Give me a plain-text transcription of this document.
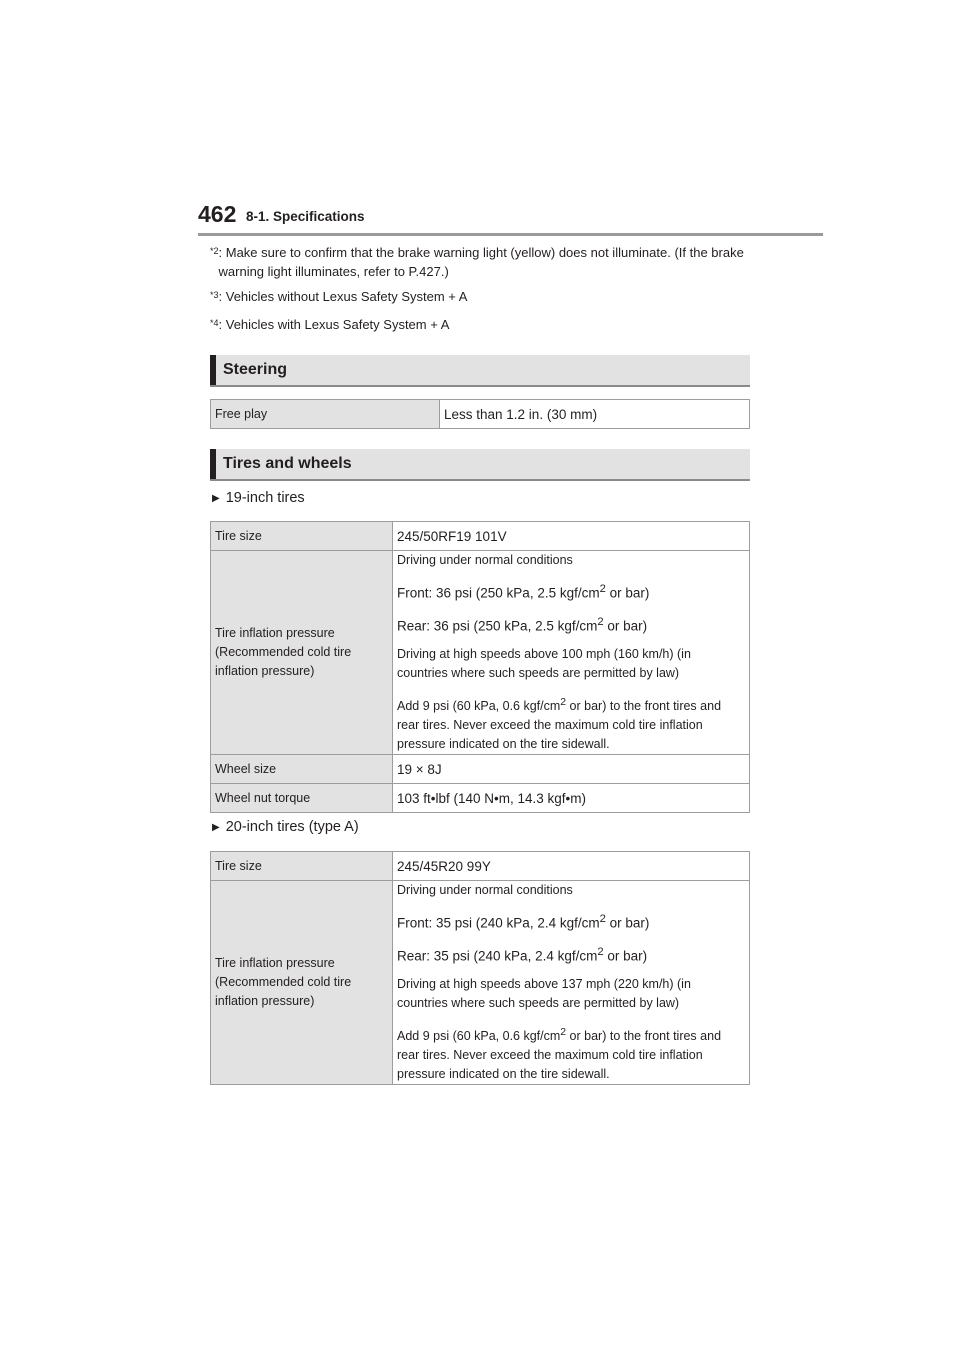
462 8-1. Specifications
$^{*2}$ : Make sure to confirm that the brake warning light (yellow) does not illuminate. (If the brake warning light illuminates, refer to P.427.)
$^{*3}$ : Vehicles without Lexus Safety System + A
$^{*4}$ : Vehicles with Lexus Safety System + A
Steering
Free play	Less than 1.2 in. (30 mm)
Tires and wheels
▶ 19-inch tires
Tire size	245/50RF19 101V
Tire inflation pressure (Recommended cold tire inflation pressure)	Driving under normal conditions

Front: 36 psi (250 kPa, 2.5 kgf/$cm^2$ or bar)

Rear: 36 psi (250 kPa, 2.5 kgf/$cm^2$ or bar)

Driving at high speeds above 100 mph (160 km/h) (in countries where such speeds are permitted by law)

Add 9 psi (60 kPa, 0.6 kgf/$cm^2$ or bar) to the front tires and rear tires. Never exceed the maximum cold tire inflation pressure indicated on the tire sidewall.

Wheel size	19 × 8J
Wheel nut torque	103 ft•lbf (140 N•m, 14.3 kgf•m)
▶ 20-inch tires (type A)
Tire size	245/45R20 99Y
Tire inflation pressure (Recommended cold tire inflation pressure)	Driving under normal conditions

Front: 35 psi (240 kPa, 2.4 kgf/$cm^2$ or bar)

Rear: 35 psi (240 kPa, 2.4 kgf/$cm^2$ or bar)

Driving at high speeds above 137 mph (220 km/h) (in countries where such speeds are permitted by law)

Add 9 psi (60 kPa, 0.6 kgf/$cm^2$ or bar) to the front tires and rear tires. Never exceed the maximum cold tire inflation pressure indicated on the tire sidewall.
